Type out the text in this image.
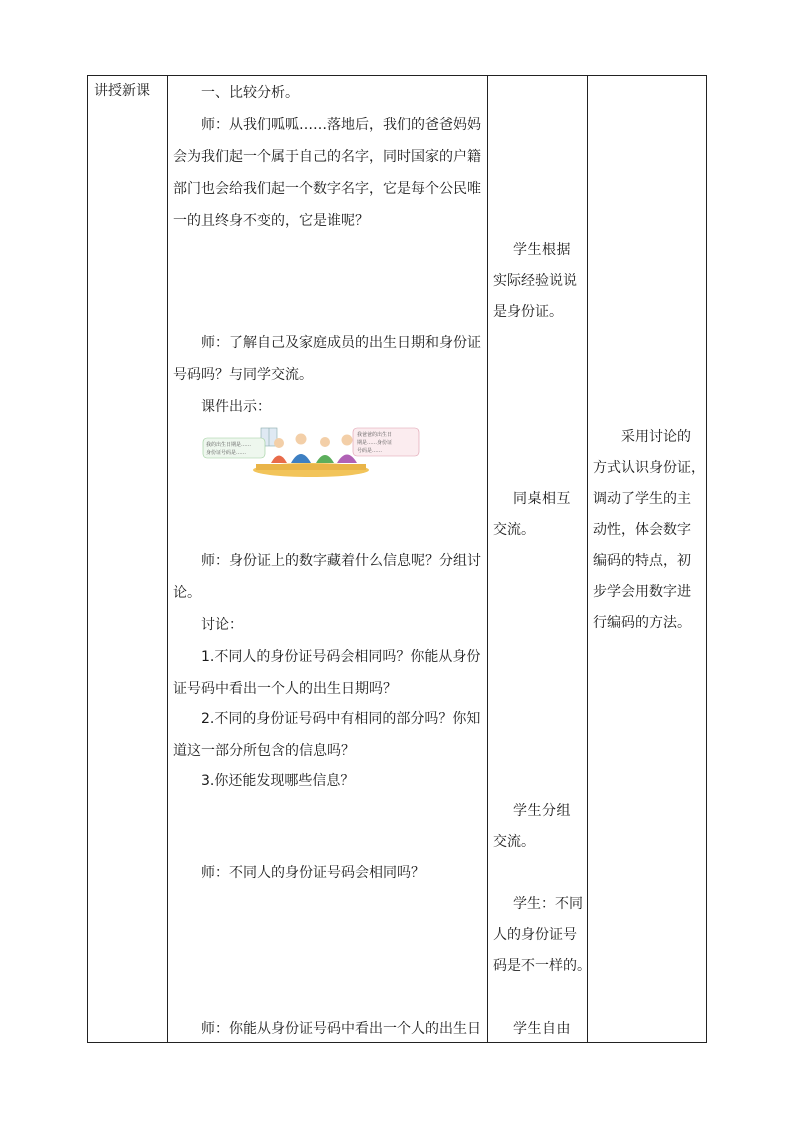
讲授新课	一、比较分析。
师：从我们呱呱……落地后，我们的爸爸妈妈
会为我们起一个属于自己的名字，同时国家的户籍
部门也会给我们起一个数字名字，它是每个公民唯
一的且终身不变的，它是谁呢？
师：了解自己及家庭成员的出生日期和身份证
号码吗？与同学交流。
课件出示：
我的出生日期是……
身份证号码是……
我爸爸的出生日
期是……身份证
号码是……
师：身份证上的数字藏着什么信息呢？分组讨
论。
讨论：
1.不同人的身份证号码会相同吗？你能从身份
证号码中看出一个人的出生日期吗？
2.不同的身份证号码中有相同的部分吗？你知
道这一部分所包含的信息吗？
3.你还能发现哪些信息？
师：不同人的身份证号码会相同吗？
师：你能从身份证号码中看出一个人的出生日
学生根据
实际经验说说
是身份证。
同桌相互
交流。
学生分组
交流。
学生：不同
人的身份证号
码是不一样的。
学生自由
采用讨论的
方式认识身份证，
调动了学生的主
动性，体会数字
编码的特点，初
步学会用数字进
行编码的方法。
